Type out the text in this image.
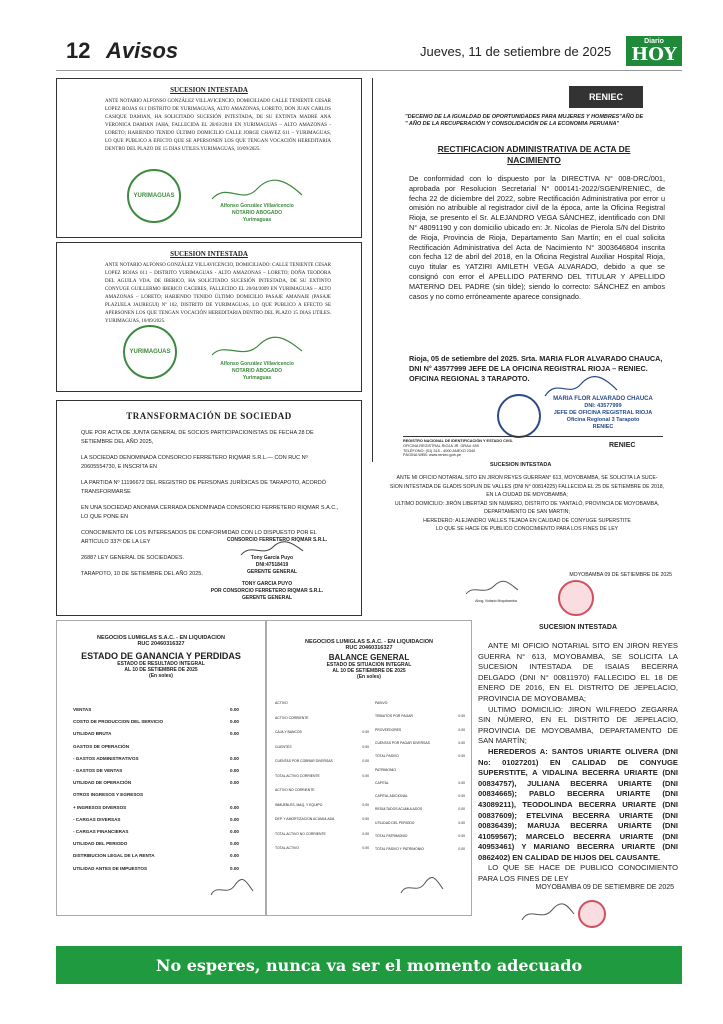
12 Avisos	Jueves, 11 de setiembre de 2025
Diario
HOY
SUCESION INTESTADA
ANTE NOTARIO ALFONSO GONZÁLEZ VILLAVICENCIO, DOMICILIADO CALLE TENIENTE CESAR LOPEZ ROJAS 611 DISTRITO DE YURIMAGUAS, ALTO AMAZONAS, LORETO, DON JUAN CARLOS CASIQUE DAMIAN, HA SOLICITADO SUCESIÓN INTESTADA, DE SU EXTINTA MADRE ANA VERONICA DAMIAN JAHA, FALLECIDA EL 28/03/2010 EN YURIMAGUAS – ALTO AMAZONAS - LORETO; HABIENDO TENIDO ÚLTIMO DOMICILIO CALLE JORGE CHAVEZ 611 – YURIMAGUAS, LO QUE PUBLICO A EFECTO QUE SE APERSONEN LOS QUE TENGAN VOCACIÓN HEREDITARIA DENTRO DEL PLAZO DE 15 DIAS UTILES.YURIMAGUAS, 10/09/2025.
YURIMAGUAS
Alfonso González Villavicencio
NOTARIO ABOGADO
Yurimaguas
SUCESION INTESTADA
ANTE NOTARIO ALFONSO GONZÁLEZ VILLAVICENCIO, DOMICILIADO: CALLE TENIENTE CESAR LOPEZ ROJAS 611 – DISTRITO YURIMAGUAS - ALTO AMAZONAS – LORETO; DOÑA TEODORA DEL AGUILA VDA. DE IBERICO, HA SOLICITADO SUCESIÓN INTESTADA, DE SU EXTINTO CONYUGE GUILLERMO IBERICO CACERES, FALLECIDO EL 20/04/2009 EN YURIMAGUAS – ALTO AMAZONAS – LORETO; HABIENDO TENIDO ÚLTIMO DOMICILIO PASAJE AMANAJE (PASAJE PLAZUELA JAUREGUI) Nº 102, DISTRITO DE YURIMAGUAS, LO QUE PUBLICO A EFECTO SE APERSONEN LOS QUE TENGAN VOCACIÓN HEREDITARIA DENTRO DEL PLAZO 15 DIAS UTILES. YURIMAGUAS, 10/09/2025.
YURIMAGUAS
Alfonso González Villavicencio
NOTARIO ABOGADO
Yurimaguas
TRANSFORMACIÓN DE SOCIEDAD
QUE POR ACTA DE JUNTA GENERAL DE SOCIOS PARTICIPACIONISTAS DE FECHA 28 DE SETIEMBRE DEL AÑO 2025,
LA SOCIEDAD DENOMINADA CONSORCIO FERRETERO RIQMAR S.R.L.— CON RUC Nº 20605554730, E INSCRITA EN
LA PARTIDA Nº 11196672 DEL REGISTRO DE PERSONAS JURÍDICAS DE TARAPOTO, ACORDÓ TRANSFORMARSE
EN UNA SOCIEDAD ANONIMA CERRADA DENOMINADA CONSORCIO FERRETERO RIQMAR S.A.C., LO QUE PONE EN
CONOCIMIENTO DE LOS INTERESADOS DE CONFORMIDAD CON LO DISPUESTO POR EL ARTÍCULO 337º DE LA LEY
26887 LEY GENERAL DE SOCIEDADES.
TARAPOTO, 10 DE SETIEMBRE DEL AÑO 2025.
CONSORCIO FERRETERO RIQMAR S.R.L.
Tony García Puyo
DNI:47518419
GERENTE GENERAL
TONY GARCIA PUYO
POR CONSORCIO FERRETERO RIQMAR S.R.L.
GERENTE GENERAL
RENIEC
"DECENIO DE LA IGUALDAD DE OPORTUNIDADES PARA MUJERES Y HOMBRES"AÑO DE
" AÑO DE LA RECUPERACIÓN Y CONSOLIDACIÓN DE LA ECONOMIA PERUANA"
RECTIFICACION ADMINISTRATIVA DE ACTA DE
NACIMIENTO
De conformidad con lo dispuesto por la DIRECTIVA N° 008-DRC/001, aprobada por Resolucion Secretarial N° 000141-2022/SGEN/RENIEC, de fecha 22 de diciembre del 2022, sobre Rectificación Administrativa por error u omisión no atribuible al registrador civil de la época, ante la Oficina Registral Rioja, se presento el Sr. ALEJANDRO VEGA SÁNCHEZ, identificado con DNI N° 48091190 y con domicilio ubicado en: Jr. Nicolas de Pierola S/N del Distrito de Rioja, Provincia de Rioja, Departamento San Martín; en el cual solicita Rectificación Administrativa del Acta de Nacimiento N° 3003646804 inscrita con fecha 12 de abril del 2018, en la Oficina Registral Auxiliar Hospital Rioja, cuyo titular es YATZIRI AMILETH VEGA ALVARADO, debido a que se consignó con error el APELLIDO PATERNO DEL TITULAR Y APELLIDO MATERNO DEL PADRE (sin tilde); siendo lo correcto: SÁNCHEZ en ambos casos y no como erróneamente aparece consignado.
Rioja, 05 de setiembre del 2025. Srta. MARIA FLOR ALVARADO CHAUCA, DNI N° 43577999 JEFE DE LA OFICINA REGISTRAL RIOJA – RENIEC. OFICINA REGIONAL 3 TARAPOTO.
MARIA FLOR ALVARADO CHAUCA
DNI: 43577999
JEFE DE OFICINA REGISTRAL RIOJA
Oficina Regional 3 Tarapoto
RENIEC
REGISTRO NACIONAL DE IDENTIFICACIÓN Y ESTADO CIVIL
OFICINA REGISTRAL RIOJA JR. GRAU 459
TELÉFONO: (01) 315 - 4000 ANEXO 2340
PÁGINA WEB: www.reniec.gob.pe
RENIEC
SUCESION INTESTADA
ANTE MI OFICIO NOTARIAL SITO EN JIRON REYES GUERRAN° 613, MOYOBAMBA, SE SOLICITA LA SUCE-
SION INTESTADA DE GLADIS SOPLIN DE VALLES (DNI N° 00814225) FALLECIDA EL 25 DE SETIEMBRE DE 2018,
EN LA CIUDAD DE MOYOBAMBA;
ULTIMO DOMICILIO: JIRÓN LIBERTAD SIN NUMERO, DISTRITO DE YANTALÓ, PROVINCIA DE MOYOBAMBA,
DEPARTAMENTO DE SAN MARTIN;
HEREDERO: ALEJANDRO VALLES TEJADA EN CALIDAD DE CONYUGE SUPERSTITE
LO QUE SE HACE DE PUBLICO CONOCIMIENTO PARA LOS FINES DE LEY
MOYOBAMBA 09 DE SETIEMBRE DE 2025
Abog. Notario Moyobamba
NEGOCIOS LUMIGLAS S.A.C. - EN LIQUIDACION
RUC 20460316327
ESTADO DE GANANCIA Y PERDIDAS
ESTADO DE RESULTADO INTEGRAL
AL 10 DE SETIEMBRE DE 2025
(En soles)
VENTAS	0.00
COSTO DE PRODUCCION DEL SERVICIO	0.00
UTILIDAD BRUTA	0.00
GASTOS DE OPERACIÓN
- GASTOS ADMINISTRATIVOS	0.00
- GASTOS DE VENTAS	0.00
UTILIDAD DE OPERACIÓN	0.00
OTROS INGRESOS Y EGRESOS
+ INGRESOS DIVERSOS	0.00
- CARGAS DIVERSAS	0.00
- CARGAS FINANCIERAS	0.00
UTILIDAD DEL PERIODO	0.00
DISTRIBUCION LEGAL DE LA RENTA	0.00
UTILIDAD ANTES DE IMPUESTOS	0.00
NEGOCIOS LUMIGLAS S.A.C. - EN LIQUIDACION
RUC 20460316327
BALANCE GENERAL
ESTADO DE SITUACION INTEGRAL
AL 10 DE SETIEMBRE DE 2025
(En soles)
ACTIVO
ACTIVO CORRIENTE
CAJA Y BANCOS	0.00
CLIENTES	0.00
CUENTAS POR COBRAR DIVERSAS	0.00
TOTAL ACTIVO CORRIENTE	0.00
ACTIVO NO CORRIENTE
INMUEBLES, MAQ. Y EQUIPO	0.00
DEP. Y AMORTIZACION ACUMULADA	0.00
TOTAL ACTIVO NO CORRIENTE	0.00
TOTAL ACTIVO	0.00
PASIVO
TRIBUTOS POR PAGAR	0.00
PROVEEDORES	0.00
CUENTAS POR PAGAR DIVERSAS	0.00
TOTAL PASIVO	0.00
PATRIMONIO
CAPITAL	0.00
CAPITAL ADICIONAL	0.00
RESULTADOS ACUMULADOS	0.00
UTILIDAD DEL PERIODO	0.00
TOTAL PATRIMONIO	0.00
TOTAL PASIVO Y PATRIMONIO	0.00
SUCESION INTESTADA

ANTE MI OFICIO NOTARIAL SITO EN JIRON REYES GUERRA N° 613, MOYOBAMBA, SE SOLICITA LA SUCESION INTESTADA DE ISAIAS BECERRA DELGADO (DNI N° 00811970) FALLECIDO EL 18 DE ENERO DE 2016, EN EL DISTRITO DE JEPELACIO, PROVINCIA DE MOYOBAMBA;

ULTIMO DOMICILIO: JIRON WILFREDO ZEGARRA SIN NÚMERO, EN EL DISTRITO DE JEPELACIO, PROVINCIA DE MOYOBAMBA, DEPARTAMENTO DE SAN MARTÍN;

HEREDEROS A: SANTOS URIARTE OLIVERA (DNI No: 01027201) EN CALIDAD DE CONYUGE SUPERSTITE, A VIDALINA BECERRA URIARTE (DNI 00834757), JULIANA BECERRA URIARTE (DNI 00834665); PABLO BECERRA URIARTE (DNI 43089211), TEODOLINDA BECERRA URIARTE (DNI 00837609); ETELVINA BECERRA URIARTE (DNI 00836439); MARUJA BECERRA URIARTE (DNI 41059567); MARCELO BECERRA URIARTE (DNI 40953461) Y MARIANO BECERRA URIARTE (DNI 0862402) EN CALIDAD DE HIJOS DEL CAUSANTE.

LO QUE SE HACE DE PUBLICO CONOCIMIENTO PARA LOS FINES DE LEY

MOYOBAMBA 09 DE SETIEMBRE DE 2025
No esperes, nunca va ser el momento adecuado
